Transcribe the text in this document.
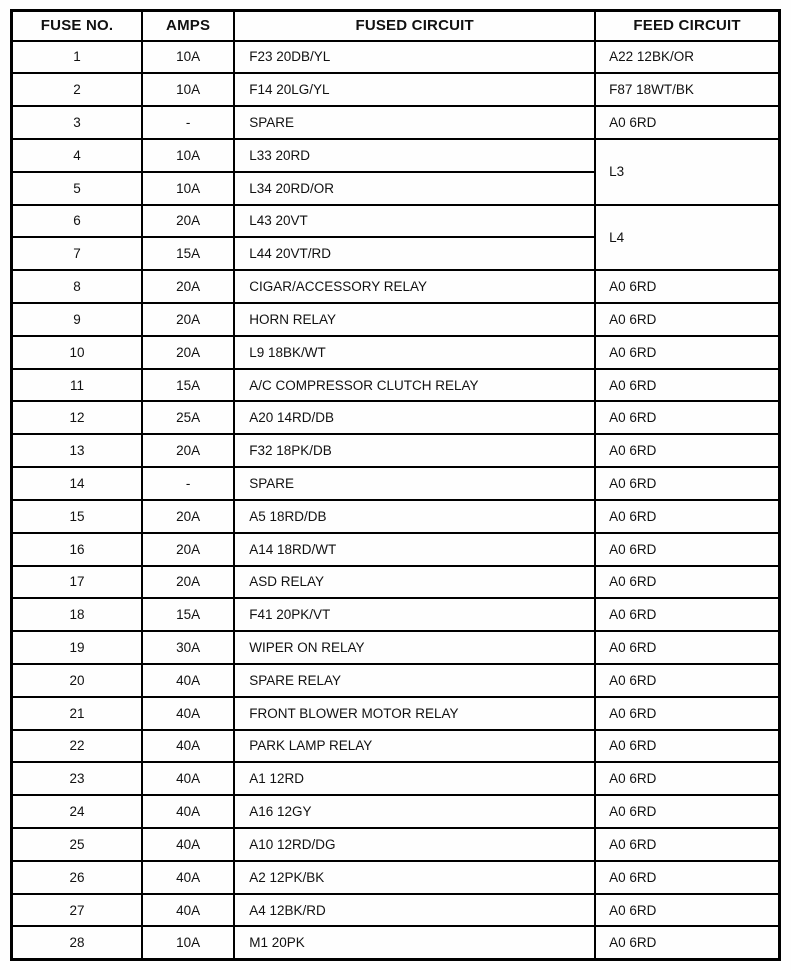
FUSE NO.	AMPS	FUSED CIRCUIT	FEED CIRCUIT
1	10A	F23 20DB/YL	A22 12BK/OR
2	10A	F14 20LG/YL	F87 18WT/BK
3	-	SPARE	A0 6RD
4	10A	L33 20RD	L3
5	10A	L34 20RD/OR	
6	20A	L43 20VT	L4
7	15A	L44 20VT/RD	
8	20A	CIGAR/ACCESSORY RELAY	A0 6RD
9	20A	HORN RELAY	A0 6RD
10	20A	L9 18BK/WT	A0 6RD
11	15A	A/C COMPRESSOR CLUTCH RELAY	A0 6RD
12	25A	A20 14RD/DB	A0 6RD
13	20A	F32 18PK/DB	A0 6RD
14	-	SPARE	A0 6RD
15	20A	A5 18RD/DB	A0 6RD
16	20A	A14 18RD/WT	A0 6RD
17	20A	ASD RELAY	A0 6RD
18	15A	F41 20PK/VT	A0 6RD
19	30A	WIPER ON RELAY	A0 6RD
20	40A	SPARE RELAY	A0 6RD
21	40A	FRONT BLOWER MOTOR RELAY	A0 6RD
22	40A	PARK LAMP RELAY	A0 6RD
23	40A	A1 12RD	A0 6RD
24	40A	A16 12GY	A0 6RD
25	40A	A10 12RD/DG	A0 6RD
26	40A	A2 12PK/BK	A0 6RD
27	40A	A4 12BK/RD	A0 6RD
28	10A	M1 20PK	A0 6RD
